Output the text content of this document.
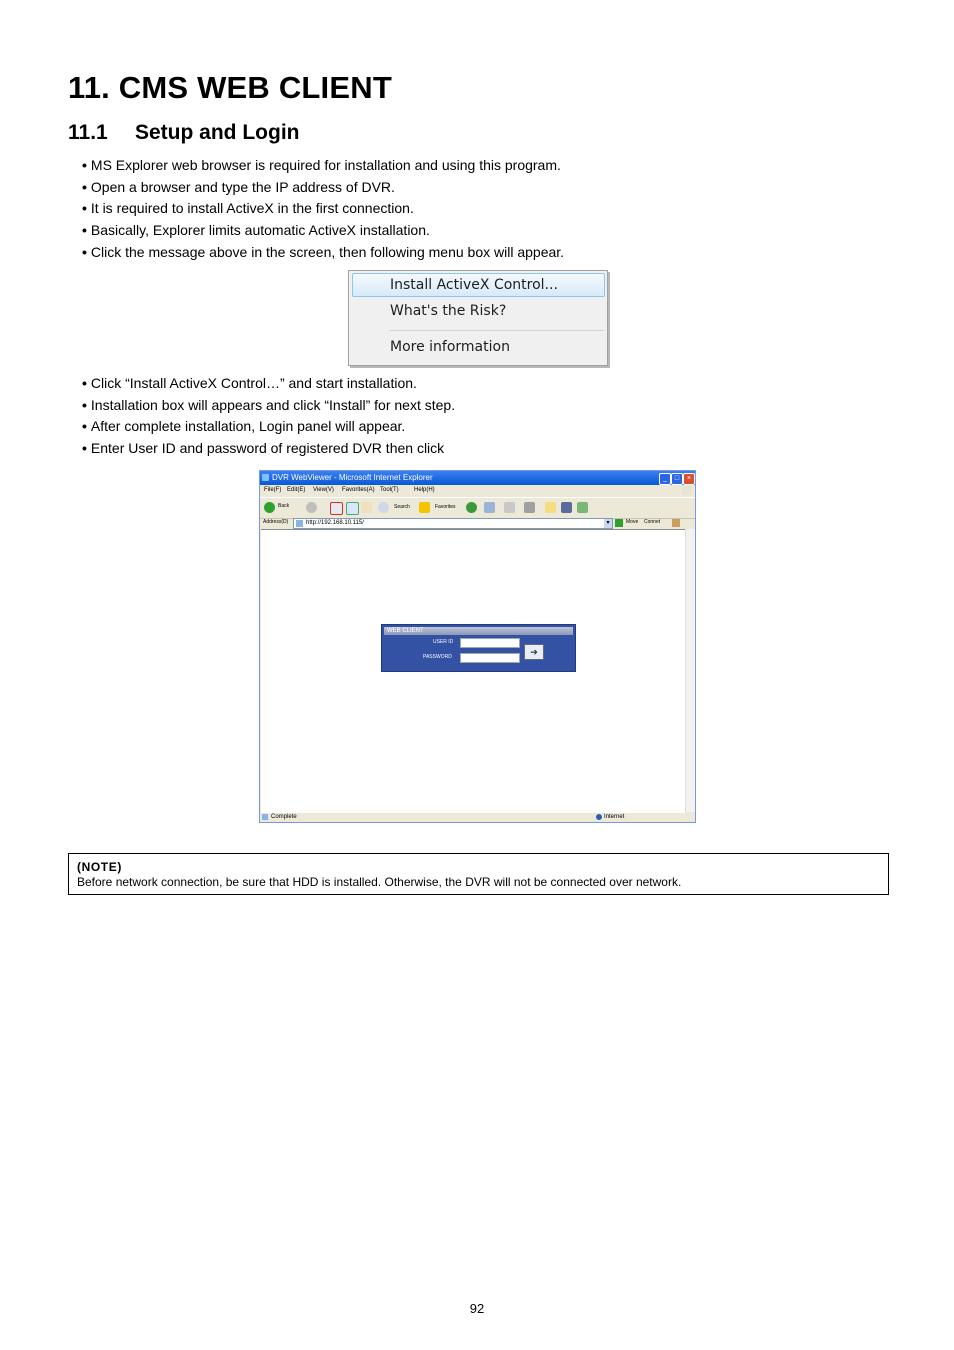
11. CMS WEB CLIENT
11.1 Setup and Login
• MS Explorer web browser is required for installation and using this program.
• Open a browser and type the IP address of DVR.
• It is required to install ActiveX in the first connection.
• Basically, Explorer limits automatic ActiveX installation.
• Click the message above in the screen, then following menu box will appear.
Install ActiveX Control...
What's the Risk?
More information
• Click “Install ActiveX Control…” and start installation.
• Installation box will appears and click “Install” for next step.
• After complete installation, Login panel will appear.
• Enter User ID and password of registered DVR then click
DVR WebViewer - Microsoft Internet Explorer	_	□	×
File(F) Edit(E) View(V) Favorites(A) Tool(T)	Help(H)
Back	Search	Favorites
Address(D)	http://192.168.10.115/	▾	Move Connet
WEB CLIENT
USER ID
PASSWORD	➔
Complete	Internet
(NOTE)
Before network connection, be sure that HDD is installed. Otherwise, the DVR will not be connected over network.
92
